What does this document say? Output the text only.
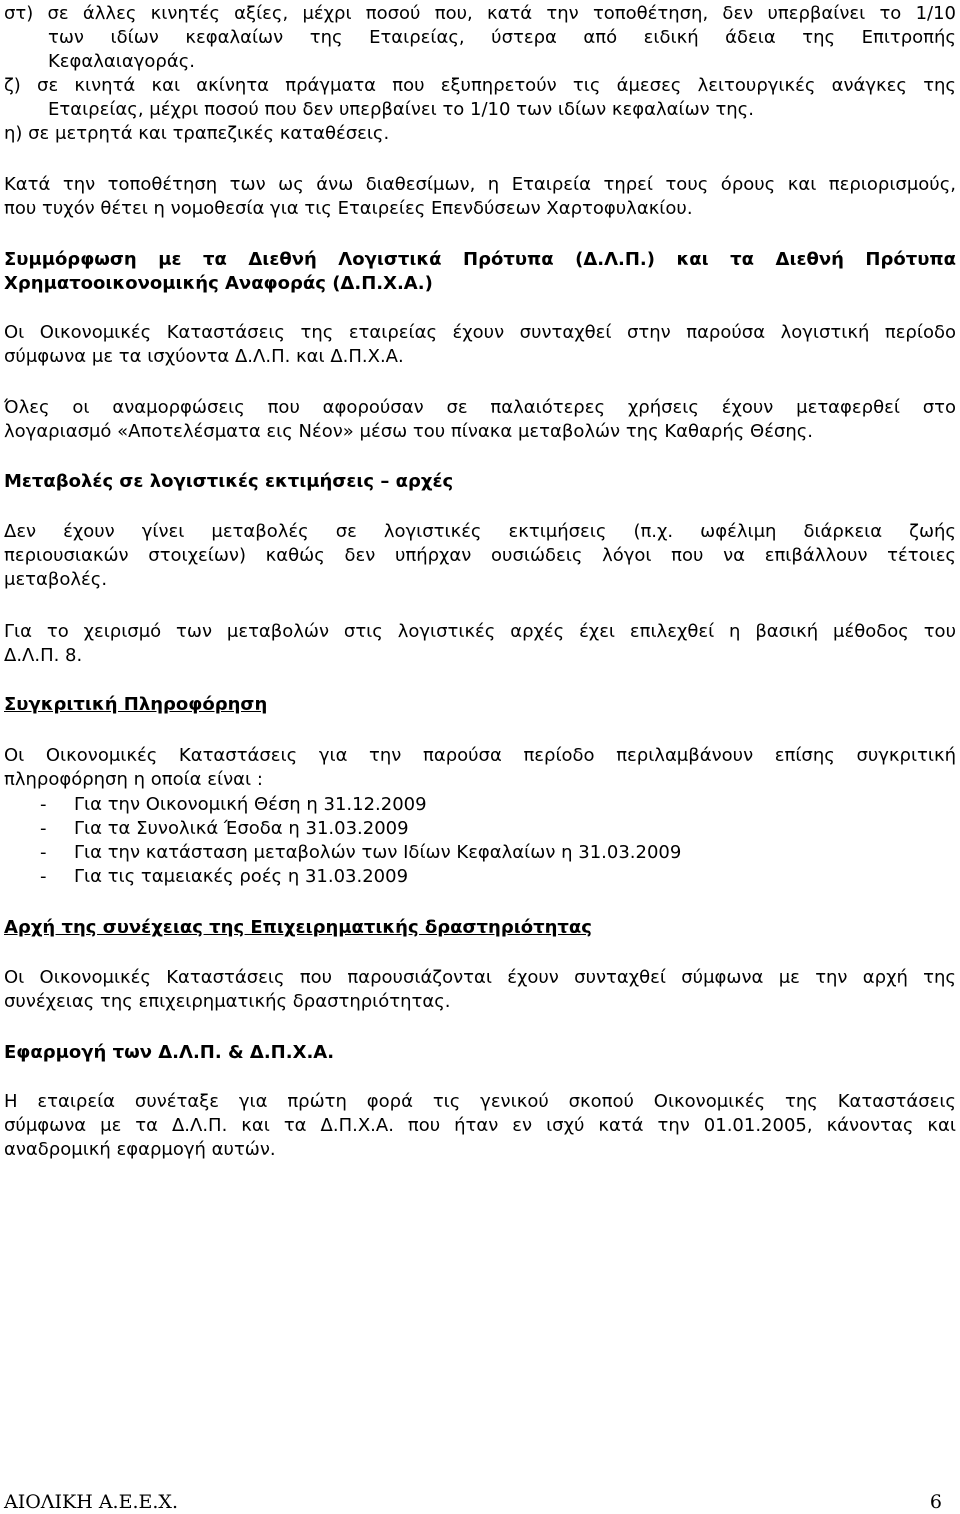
στ) σε άλλες κινητές αξίες, μέχρι ποσού που, κατά την τοποθέτηση, δεν υπερβαίνει το 1/10
των ιδίων κεφαλαίων της Εταιρείας, ύστερα από ειδική άδεια της Επιτροπής
Κεφαλαιαγοράς.
ζ) σε κινητά και ακίνητα πράγματα που εξυπηρετούν τις άμεσες λειτουργικές ανάγκες της
Εταιρείας, μέχρι ποσού που δεν υπερβαίνει το 1/10 των ιδίων κεφαλαίων της.
η) σε μετρητά και τραπεζικές καταθέσεις.
Κατά την τοποθέτηση των ως άνω διαθεσίμων, η Εταιρεία τηρεί τους όρους και περιορισμούς,
που τυχόν θέτει η νομοθεσία για τις Εταιρείες Επενδύσεων Χαρτοφυλακίου.
Συμμόρφωση με τα Διεθνή Λογιστικά Πρότυπα (Δ.Λ.Π.) και τα Διεθνή Πρότυπα
Χρηματοοικονομικής Αναφοράς (Δ.Π.Χ.Α.)
Οι Οικονομικές Καταστάσεις της εταιρείας έχουν συνταχθεί στην παρούσα λογιστική περίοδο
σύμφωνα με τα ισχύοντα Δ.Λ.Π. και Δ.Π.Χ.Α.
Όλες οι αναμορφώσεις που αφορούσαν σε παλαιότερες χρήσεις έχουν μεταφερθεί στο
λογαριασμό «Αποτελέσματα εις Νέον» μέσω του πίνακα μεταβολών της Καθαρής Θέσης.
Μεταβολές σε λογιστικές εκτιμήσεις – αρχές
Δεν έχουν γίνει μεταβολές σε λογιστικές εκτιμήσεις (π.χ. ωφέλιμη διάρκεια ζωής
περιουσιακών στοιχείων) καθώς δεν υπήρχαν ουσιώδεις λόγοι που να επιβάλλουν τέτοιες
μεταβολές.
Για το χειρισμό των μεταβολών στις λογιστικές αρχές έχει επιλεχθεί η βασική μέθοδος του
Δ.Λ.Π. 8.
Συγκριτική Πληροφόρηση
Οι Οικονομικές Καταστάσεις για την παρούσα περίοδο περιλαμβάνουν επίσης συγκριτική
πληροφόρηση η οποία είναι :
- Για την Οικονομική Θέση η 31.12.2009
- Για τα Συνολικά Έσοδα η 31.03.2009
- Για την κατάσταση μεταβολών των Ιδίων Κεφαλαίων η 31.03.2009
- Για τις ταμειακές ροές η 31.03.2009
Αρχή της συνέχειας της Επιχειρηματικής δραστηριότητας
Οι Οικονομικές Καταστάσεις που παρουσιάζονται έχουν συνταχθεί σύμφωνα με την αρχή της
συνέχειας της επιχειρηματικής δραστηριότητας.
Εφαρμογή των Δ.Λ.Π. & Δ.Π.Χ.Α.
Η εταιρεία συνέταξε για πρώτη φορά τις γενικού σκοπού Οικονομικές της Καταστάσεις
σύμφωνα με τα Δ.Λ.Π. και τα Δ.Π.Χ.Α. που ήταν εν ισχύ κατά την 01.01.2005, κάνοντας και
αναδρομική εφαρμογή αυτών.
ΑΙΟΛΙΚΗ Α.Ε.Ε.Χ.	6
